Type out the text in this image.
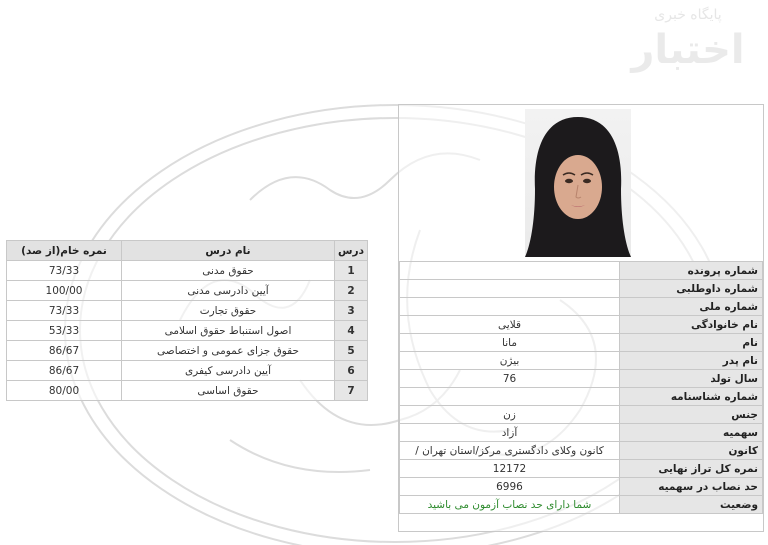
پایگاه خبری
اختبار
شماره پرونده	
شماره داوطلبی	
شماره ملی	
نام خانوادگی	قلایی
نام	مانا
نام پدر	بیژن
سال تولد	76
شماره شناسنامه	
جنس	زن
سهمیه	آزاد
کانون	کانون وکلای دادگستری مرکز/استان تهران /
نمره کل تراز نهایی	12172
حد نصاب در سهمیه	6996
وضعیت	شما دارای حد نصاب آزمون می باشید
درس	نام درس	نمره خام(از صد)
1	حقوق مدنی	73/33
2	آیین دادرسی مدنی	100/00
3	حقوق تجارت	73/33
4	اصول استنباط حقوق اسلامی	53/33
5	حقوق جزای عمومی و اختصاصی	86/67
6	آیین دادرسی کیفری	86/67
7	حقوق اساسی	80/00
